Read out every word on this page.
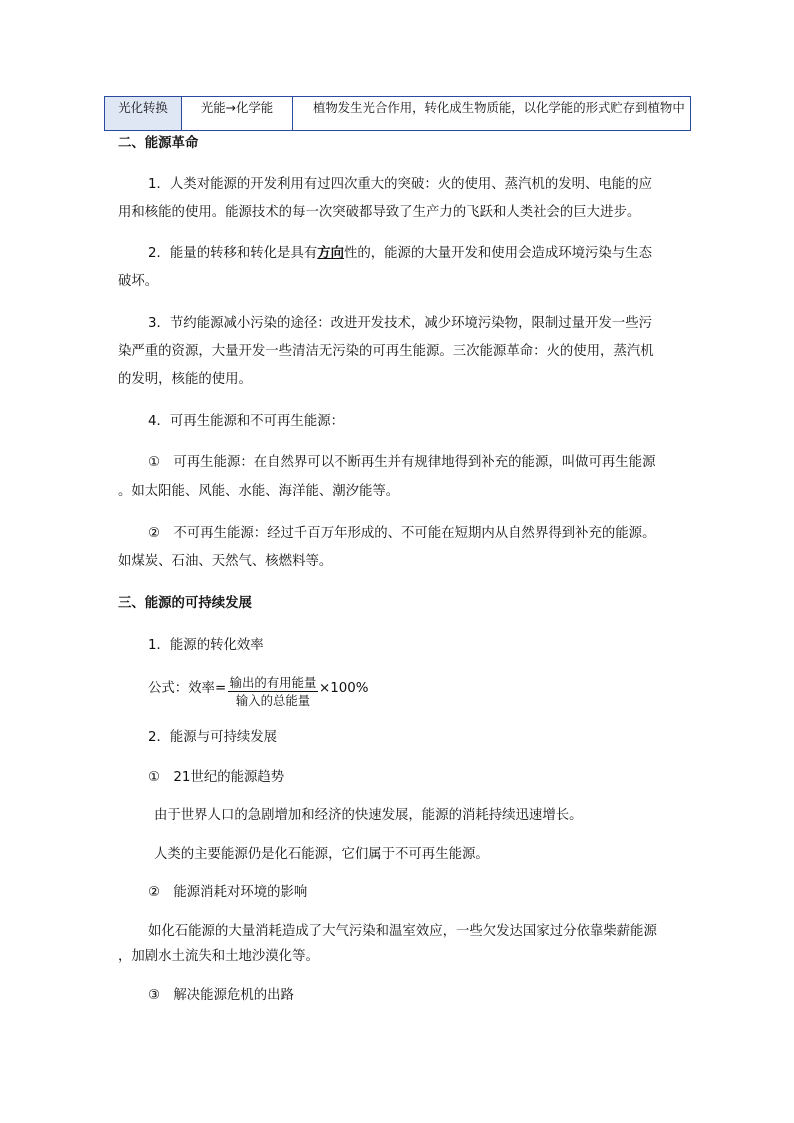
光化转换	光能→化学能	植物发生光合作用，转化成生物质能，以化学能的形式贮存到植物中
二、能源革命
1．人类对能源的开发利用有过四次重大的突破：火的使用、蒸汽机的发明、电能的应
用和核能的使用。能源技术的每一次突破都导致了生产力的飞跃和人类社会的巨大进步。
2．能量的转移和转化是具有方向性的，能源的大量开发和使用会造成环境污染与生态
破坏。
3．节约能源减小污染的途径：改进开发技术，减少环境污染物，限制过量开发一些污
染严重的资源，大量开发一些清洁无污染的可再生能源。三次能源革命：火的使用，蒸汽机
的发明，核能的使用。
4．可再生能源和不可再生能源：
①　可再生能源：在自然界可以不断再生并有规律地得到补充的能源，叫做可再生能源
。如太阳能、风能、水能、海洋能、潮汐能等。
②　不可再生能源：经过千百万年形成的、不可能在短期内从自然界得到补充的能源。
如煤炭、石油、天然气、核燃料等。
三、能源的可持续发展
1．能源的转化效率
公式：效率= 输出的有用能量
输入的总能量
×100%
2．能源与可持续发展
①　21世纪的能源趋势
由于世界人口的急剧增加和经济的快速发展，能源的消耗持续迅速增长。
人类的主要能源仍是化石能源，它们属于不可再生能源。
②　能源消耗对环境的影响
如化石能源的大量消耗造成了大气污染和温室效应，一些欠发达国家过分依靠柴薪能源
，加剧水土流失和土地沙漠化等。
③　解决能源危机的出路
